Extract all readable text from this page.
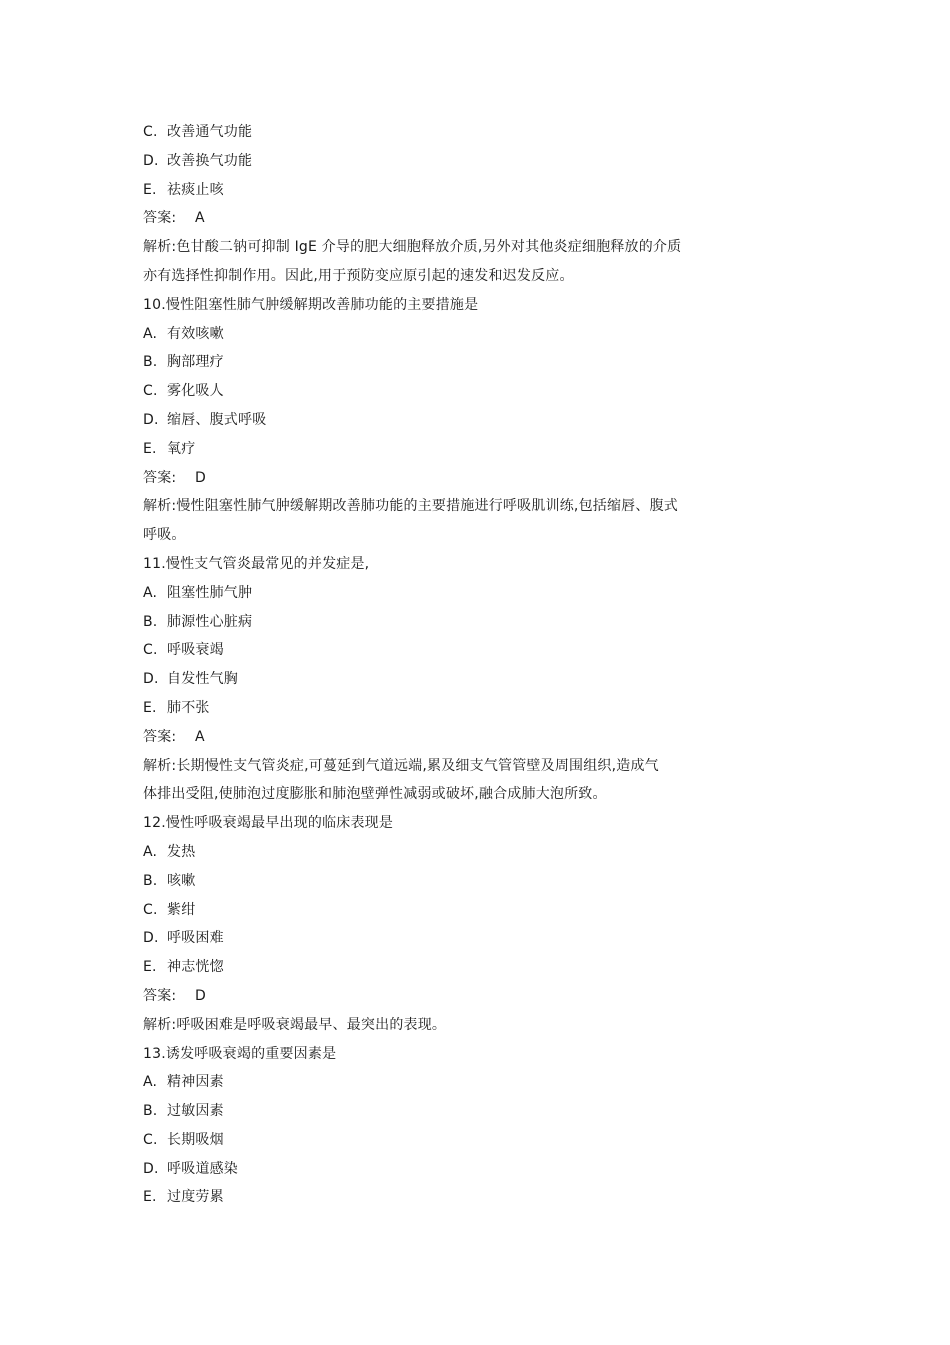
C. 改善通气功能
D. 改善换气功能
E. 祛痰止咳
答案: A
解析:色甘酸二钠可抑制 IgE 介导的肥大细胞释放介质,另外对其他炎症细胞释放的介质
亦有选择性抑制作用。因此,用于预防变应原引起的速发和迟发反应。
10.慢性阻塞性肺气肿缓解期改善肺功能的主要措施是
A. 有效咳嗽
B. 胸部理疗
C. 雾化吸人
D. 缩唇、腹式呼吸
E. 氧疗
答案: D
解析:慢性阻塞性肺气肿缓解期改善肺功能的主要措施进行呼吸肌训练,包括缩唇、腹式
呼吸。
11.慢性支气管炎最常见的并发症是,
A. 阻塞性肺气肿
B. 肺源性心脏病
C. 呼吸衰竭
D. 自发性气胸
E. 肺不张
答案: A
解析:长期慢性支气管炎症,可蔓延到气道远端,累及细支气管管壁及周围组织,造成气
体排出受阻,使肺泡过度膨胀和肺泡壁弹性减弱或破坏,融合成肺大泡所致。
12.慢性呼吸衰竭最早出现的临床表现是
A. 发热
B. 咳嗽
C. 紫绀
D. 呼吸困难
E. 神志恍惚
答案: D
解析:呼吸困难是呼吸衰竭最早、最突出的表现。
13.诱发呼吸衰竭的重要因素是
A. 精神因素
B. 过敏因素
C. 长期吸烟
D. 呼吸道感染
E. 过度劳累
